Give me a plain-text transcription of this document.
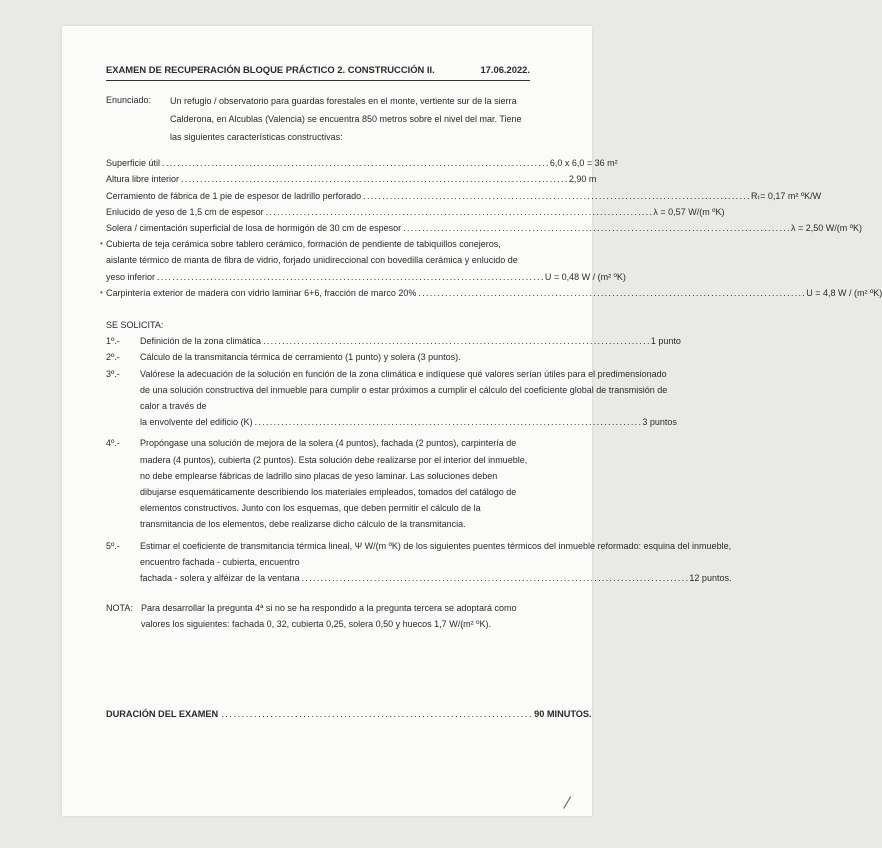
EXAMEN DE RECUPERACIÓN BLOQUE PRÁCTICO 2. CONSTRUCCIÓN II.	17.06.2022.
Enunciado:	Un refugio / observatorio para guardas forestales en el monte, vertiente sur de la sierra Calderona, en Alcublas (Valencia) se encuentra 850 metros sobre el nivel del mar. Tiene las siguientes características constructivas:
Superficie útil . . .	6,0 x 6,0 = 36 m²
Altura libre interior . . .	2,90 m
Cerramiento de fábrica de 1 pie de espesor de ladrillo perforado . . .	Rₜ= 0,17 m² ºK/W
Enlucido de yeso de 1,5 cm de espesor . . .	λ = 0,57 W/(m ºK)
Solera / cimentación superficial de losa de hormigón de 30 cm de espesor . . .	λ = 2,50 W/(m ºK)
• Cubierta de teja cerámica sobre tablero cerámico, formación de pendiente de tabiquillos conejeros, aislante térmico de manta de fibra de vidrio, forjado unidireccional con bovedilla cerámica y enlucido de
yeso inferior . . .	U = 0,48 W / (m² ºK)
• Carpintería exterior de madera con vidrio laminar 6+6, fracción de marco 20% . . .	U = 4,8 W / (m² ºK)
SE SOLICITA:
1º.-	Definición de la zona climática . . .	1 punto
2º.-	Cálculo de la transmitancia térmica de cerramiento (1 punto) y solera (3 puntos).
3º.-	Valórese la adecuación de la solución en función de la zona climática e indíquese qué valores serían útiles para el predimensionado de una solución constructiva del inmueble para cumplir o estar próximos a cumplir el cálculo del coeficiente global de transmisión de calor a través de
la envolvente del edificio (K) . . .	3 puntos
4º.-	Propóngase una solución de mejora de la solera (4 puntos), fachada (2 puntos), carpintería de madera (4 puntos), cubierta (2 puntos). Esta solución debe realizarse por el interior del inmueble, no debe emplearse fábricas de ladrillo sino placas de yeso laminar. Las soluciones deben dibujarse esquemáticamente describiendo los materiales empleados, tomados del catálogo de elementos constructivos. Junto con los esquemas, que deben permitir el cálculo de la transmitancia de los elementos, debe realizarse dicho cálculo de la transmitancia.
5º.-	Estimar el coeficiente de transmitancia térmica lineal, Ψ W/(m ºK) de los siguientes puentes térmicos del inmueble reformado: esquina del inmueble, encuentro fachada - cubierta, encuentro
fachada - solera y alféizar de la ventana . . .	12 puntos.
NOTA: Para desarrollar la pregunta 4ª si no se ha respondido a la pregunta tercera se adoptará como valores los siguientes: fachada 0, 32, cubierta 0,25, solera 0,50 y huecos 1,7 W/(m² ºK).
DURACIÓN DEL EXAMEN . . .	90 MINUTOS.
